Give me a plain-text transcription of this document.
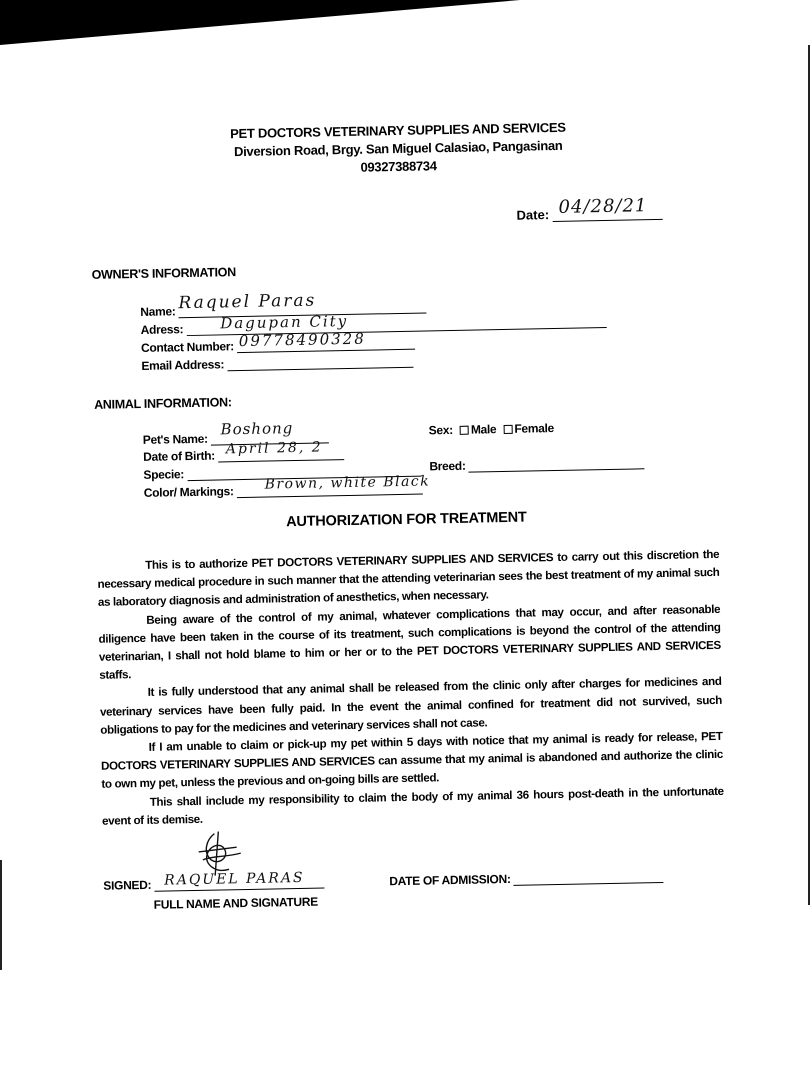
PET DOCTORS VETERINARY SUPPLIES AND SERVICES
Diversion Road, Brgy. San Miguel Calasiao, Pangasinan
09327388734
Date: 04/28/21
OWNER'S INFORMATION
Name: Raquel Paras
Adress: Dagupan City
Contact Number: 09778490328
Email Address:
ANIMAL INFORMATION:
Pet's Name:
Boshong	Sex: Male Female
Date of Birth: April 28, 2
Specie:
Breed:
Color/ Markings: Brown, white Black
AUTHORIZATION FOR TREATMENT

This is to authorize PET DOCTORS VETERINARY SUPPLIES AND SERVICES to carry out this discretion the necessary medical procedure in such manner that the attending veterinarian sees the best treatment of my animal such as laboratory diagnosis and administration of anesthetics, when necessary.

Being aware of the control of my animal, whatever complications that may occur, and after reasonable diligence have been taken in the course of its treatment, such complications is beyond the control of the attending veterinarian, I shall not hold blame to him or her or to the PET DOCTORS VETERINARY SUPPLIES AND SERVICES staffs.

It is fully understood that any animal shall be released from the clinic only after charges for medicines and veterinary services have been fully paid. In the event the animal confined for treatment did not survived, such obligations to pay for the medicines and veterinary services shall not case.

If I am unable to claim or pick-up my pet within 5 days with notice that my animal is ready for release, PET DOCTORS VETERINARY SUPPLIES AND SERVICES can assume that my animal is abandoned and authorize the clinic to own my pet, unless the previous and on-going bills are settled.

This shall include my responsibility to claim the body of my animal 36 hours post-death in the unfortunate event of its demise.

SIGNED: RAQUEL PARAS
FULL NAME AND SIGNATURE
DATE OF ADMISSION:
